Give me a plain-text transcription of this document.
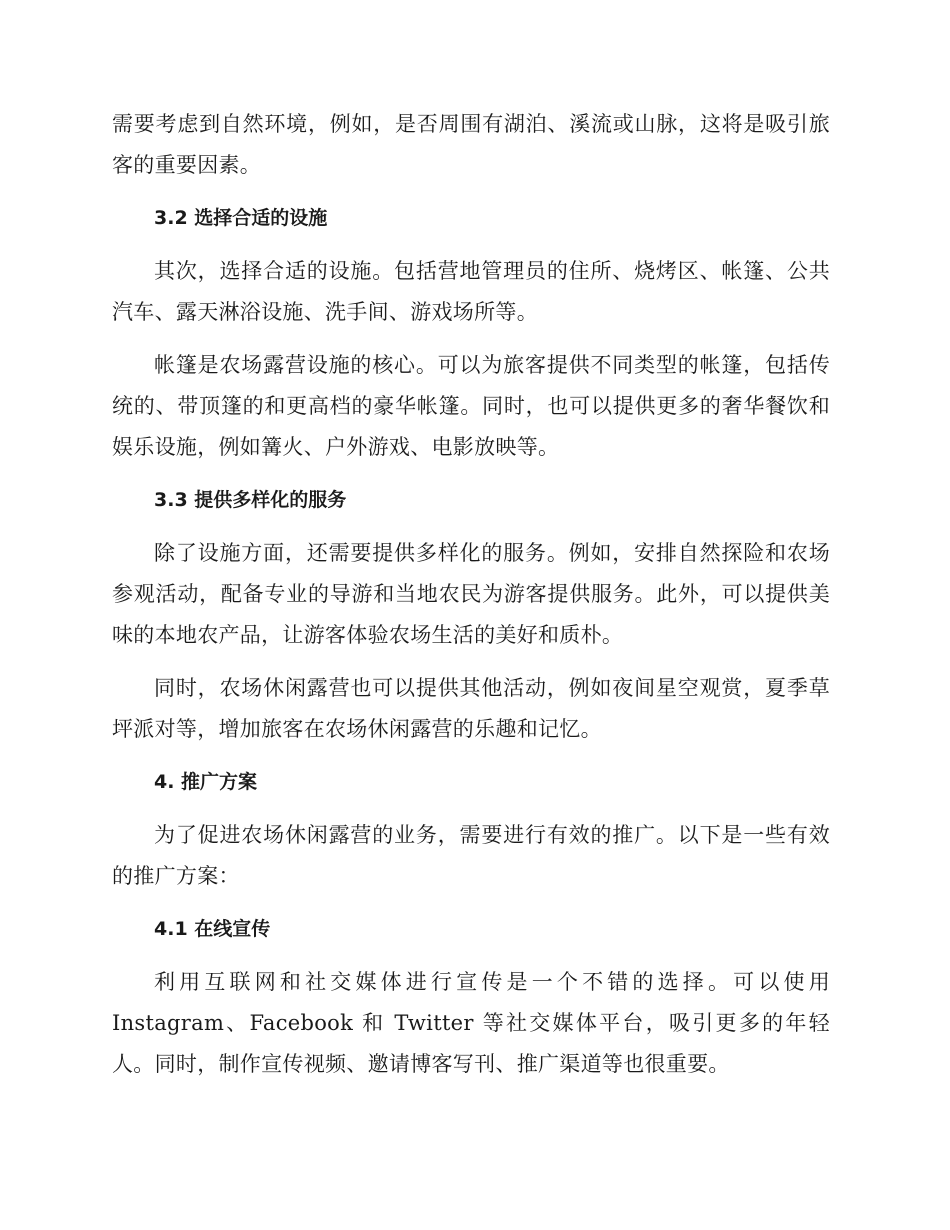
需要考虑到自然环境，例如，是否周围有湖泊、溪流或山脉，这将是吸引旅客的重要因素。

3.2 选择合适的设施

其次，选择合适的设施。包括营地管理员的住所、烧烤区、帐篷、公共汽车、露天淋浴设施、洗手间、游戏场所等。

帐篷是农场露营设施的核心。可以为旅客提供不同类型的帐篷，包括传统的、带顶篷的和更高档的豪华帐篷。同时，也可以提供更多的奢华餐饮和娱乐设施，例如篝火、户外游戏、电影放映等。

3.3 提供多样化的服务

除了设施方面，还需要提供多样化的服务。例如，安排自然探险和农场参观活动，配备专业的导游和当地农民为游客提供服务。此外，可以提供美味的本地农产品，让游客体验农场生活的美好和质朴。

同时，农场休闲露营也可以提供其他活动，例如夜间星空观赏，夏季草坪派对等，增加旅客在农场休闲露营的乐趣和记忆。

4. 推广方案

为了促进农场休闲露营的业务，需要进行有效的推广。以下是一些有效的推广方案：

4.1 在线宣传

利用互联网和社交媒体进行宣传是一个不错的选择。可以使用 Instagram、Facebook 和 Twitter 等社交媒体平台，吸引更多的年轻人。同时，制作宣传视频、邀请博客写刊、推广渠道等也很重要。
